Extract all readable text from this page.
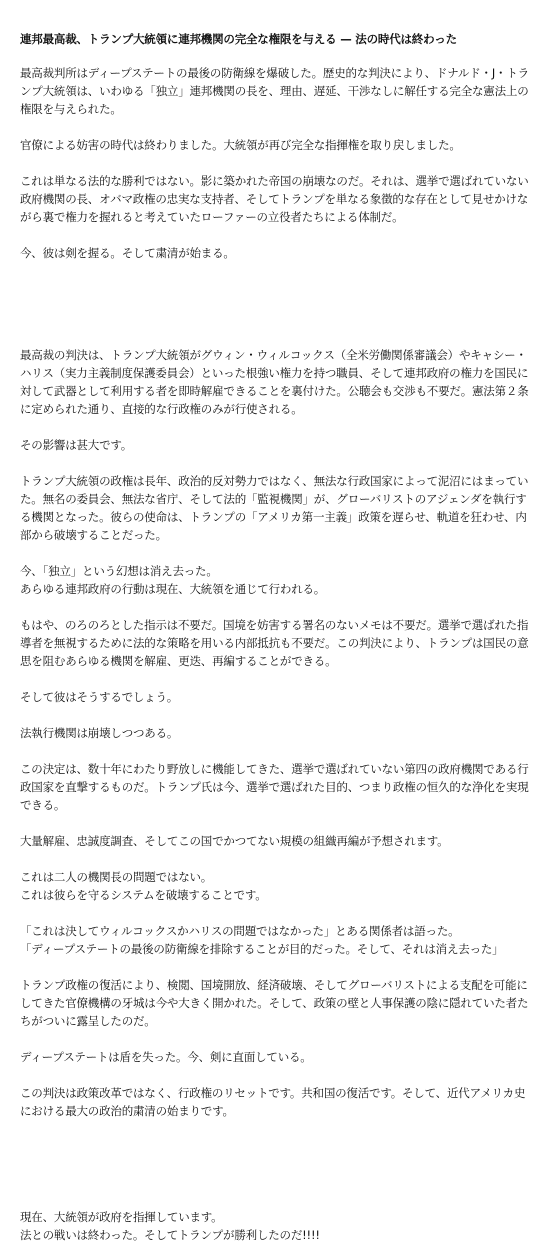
連邦最高裁、トランプ大統領に連邦機関の完全な権限を与える — 法の時代は終わった

最高裁判所はディープステートの最後の防衛線を爆破した。歴史的な判決により、ドナルド・J・トランプ大統領は、いわゆる「独立」連邦機関の長を、理由、遅延、干渉なしに解任する完全な憲法上の権限を与えられた。

官僚による妨害の時代は終わりました。大統領が再び完全な指揮権を取り戻しました。

これは単なる法的な勝利ではない。影に築かれた帝国の崩壊なのだ。それは、選挙で選ばれていない政府機関の長、オバマ政権の忠実な支持者、そしてトランプを単なる象徴的な存在として見せかけながら裏で権力を握れると考えていたローファーの立役者たちによる体制だ。

今、彼は剣を握る。そして粛清が始まる。

最高裁の判決は、トランプ大統領がグウィン・ウィルコックス（全米労働関係審議会）やキャシー・ハリス（実力主義制度保護委員会）といった根強い権力を持つ職員、そして連邦政府の権力を国民に対して武器として利用する者を即時解雇できることを裏付けた。公聴会も交渉も不要だ。憲法第２条に定められた通り、直接的な行政権のみが行使される。

その影響は甚大です。

トランプ大統領の政権は長年、政治的反対勢力ではなく、無法な行政国家によって泥沼にはまっていた。無名の委員会、無法な省庁、そして法的「監視機関」が、グローバリストのアジェンダを執行する機関となった。彼らの使命は、トランプの「アメリカ第一主義」政策を遅らせ、軌道を狂わせ、内部から破壊することだった。

今、「独立」という幻想は消え去った。
あらゆる連邦政府の行動は現在、大統領を通じて行われる。

もはや、のろのろとした指示は不要だ。国境を妨害する署名のないメモは不要だ。選挙で選ばれた指導者を無視するために法的な策略を用いる内部抵抗も不要だ。この判決により、トランプは国民の意思を阻むあらゆる機関を解雇、更迭、再編することができる。

そして彼はそうするでしょう。

法執行機関は崩壊しつつある。

この決定は、数十年にわたり野放しに機能してきた、選挙で選ばれていない第四の政府機関である行政国家を直撃するものだ。トランプ氏は今、選挙で選ばれた目的、つまり政権の恒久的な浄化を実現できる。

大量解雇、忠誠度調査、そしてこの国でかつてない規模の組織再編が予想されます。

これは二人の機関長の問題ではない。
これは彼らを守るシステムを破壊することです。

「これは決してウィルコックスかハリスの問題ではなかった」とある関係者は語った。
「ディープステートの最後の防衛線を排除することが目的だった。そして、それは消え去った」

トランプ政権の復活により、検閲、国境開放、経済破壊、そしてグローバリストによる支配を可能にしてきた官僚機構の牙城は今や大きく開かれた。そして、政策の壁と人事保護の陰に隠れていた者たちがついに露呈したのだ。

ディープステートは盾を失った。今、剣に直面している。

この判決は政策改革ではなく、行政権のリセットです。共和国の復活です。そして、近代アメリカ史における最大の政治的粛清の始まりです。

現在、大統領が政府を指揮しています。
法との戦いは終わった。そしてトランプが勝利したのだ!!!!
